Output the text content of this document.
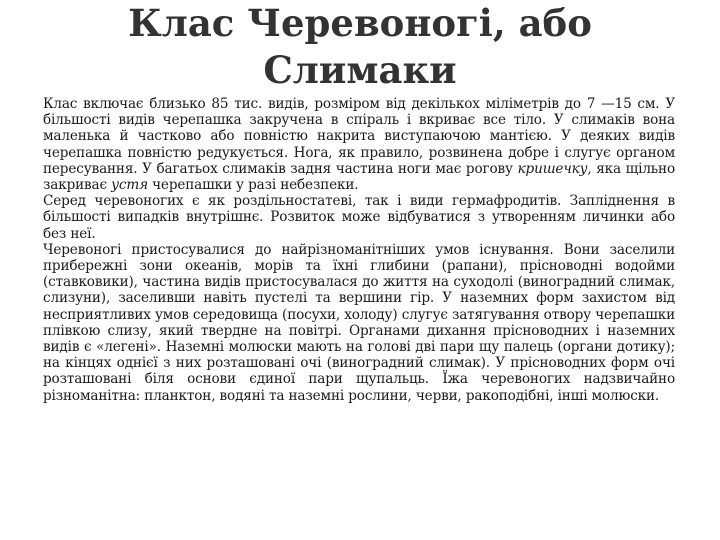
Клас Черевоногі, або
Слимаки

Клас включає близько 85 тис. видів, розміром від декількох міліметрів до 7 —15 см. У більшості видів черепашка закручена в спіраль і вкриває все тіло. У слимаків вона маленька й частково або повністю накрита виступаючою мантією. У деяких видів черепашка повністю редукується. Нога, як правило, розвинена добре і слугує органом пересування. У багатьох слимаків задня частина ноги має рогову кришечку, яка щільно закриває устя черепашки у разі небезпеки.

Серед черевоногих є як роздільностатеві, так і види гермафродитів. Запліднення в більшості випадків внутрішнє. Розвиток може відбуватися з утворенням личинки або без неї.

Черевоногі пристосувалися до найрізноманітніших умов існування. Вони заселили прибережні зони океанів, морів та їхні глибини (рапани), прісноводні водойми (ставковики), частина видів пристосувалася до життя на суходолі (виноградний слимак, слизуни), заселивши навіть пустелі та вершини гір. У наземних форм захистом від несприятливих умов середовища (посухи, холоду) слугує затягування отвору черепашки плівкою слизу, який твердне на повітрі. Органами дихання прісноводних і наземних видів є «легені». Наземні молюски мають на голові дві пари щу палець (органи дотику); на кінцях однієї з них розташовані очі (виноградний слимак). У прісноводних форм очі розташовані біля основи єдиної пари щупальць. Їжа черевоногих надзвичайно різноманітна: планктон, водяні та наземні рослини, черви, ракоподібні, інші молюски.
